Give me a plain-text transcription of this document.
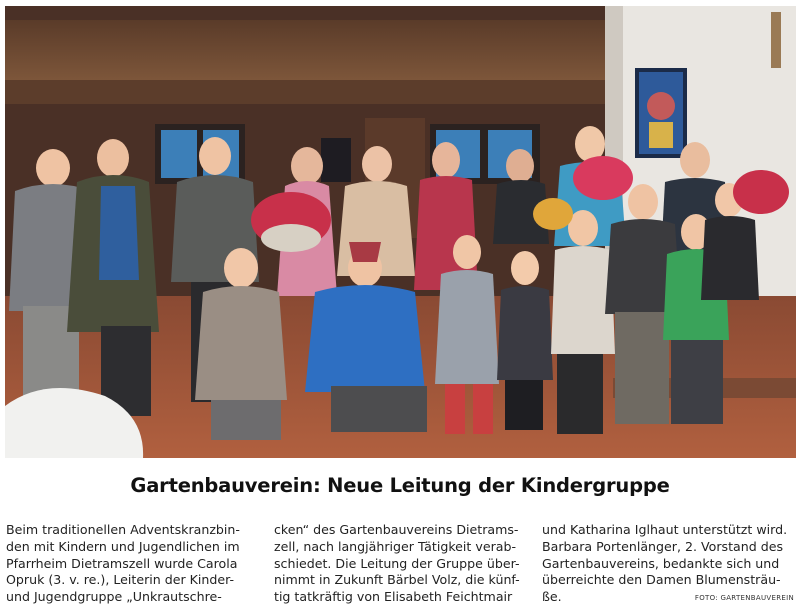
Gartenbauverein: Neue Leitung der Kindergruppe
Beim traditionellen Adventskranzbin-
den mit Kindern und Jugendlichen im
Pfarrheim Dietramszell wurde Carola
Opruk (3. v. re.), Leiterin der Kinder-
und Jugendgruppe „Unkrautschre-
cken“ des Gartenbauvereins Dietrams-
zell, nach langjähriger Tätigkeit verab-
schiedet. Die Leitung der Gruppe über-
nimmt in Zukunft Bärbel Volz, die künf-
tig tatkräftig von Elisabeth Feichtmair
und Katharina Iglhaut unterstützt wird.
Barbara Portenlänger, 2. Vorstand des
Gartenbauvereins, bedankte sich und
überreichte den Damen Blumensträu-
ße.	FOTO: GARTENBAUVEREIN
